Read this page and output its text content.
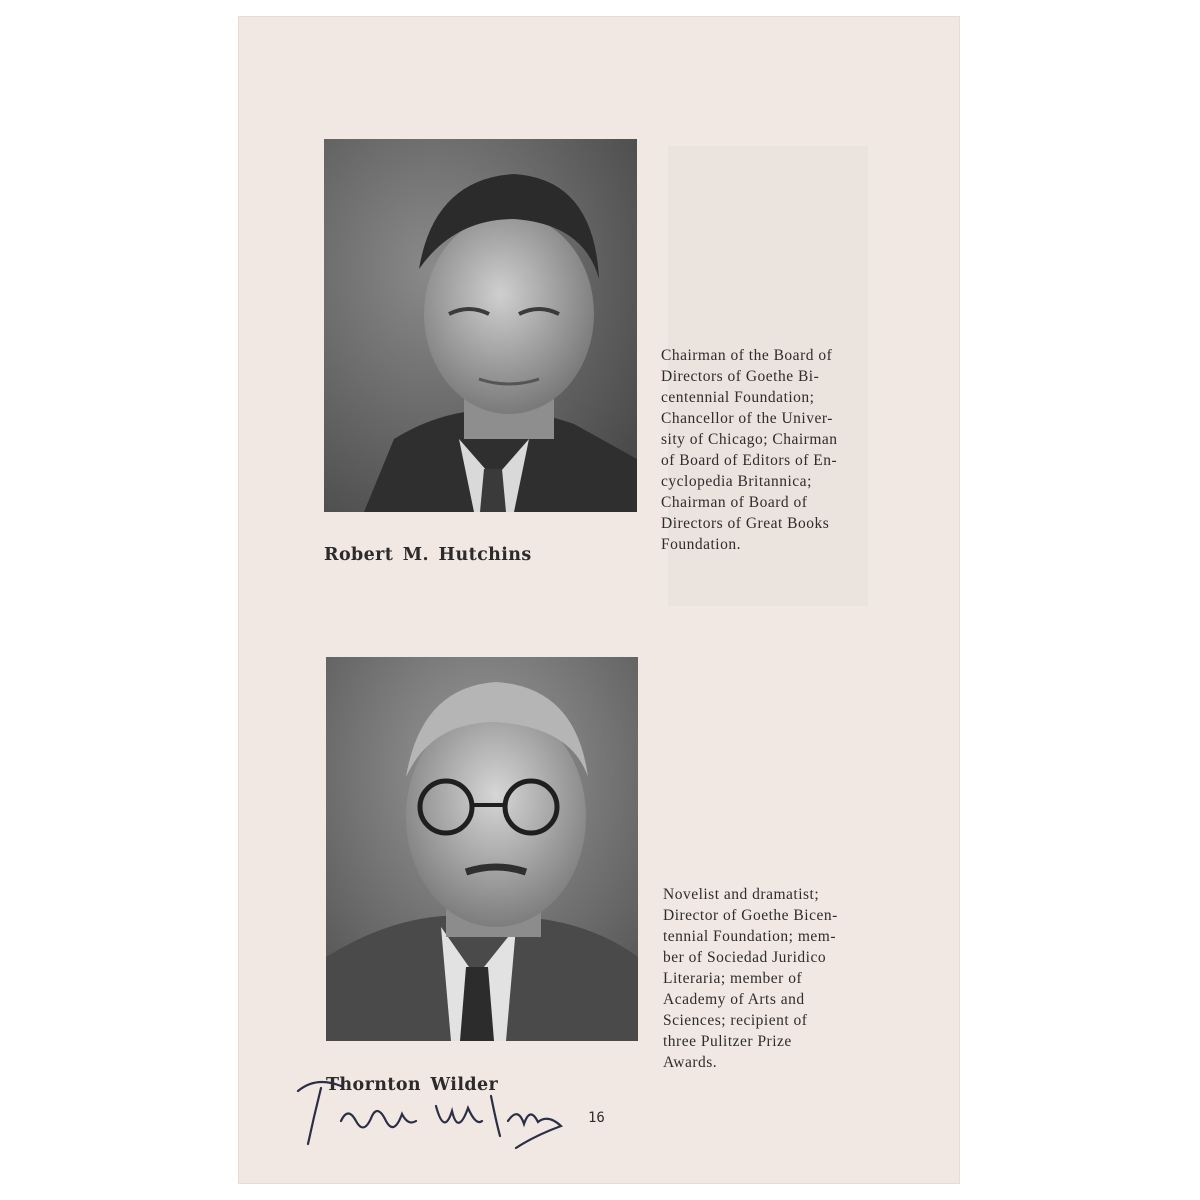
Robert M. Hutchins
Chairman of the Board of
Directors of Goethe Bi-
centennial Foundation;
Chancellor of the Univer-
sity of Chicago; Chairman
of Board of Editors of En-
cyclopedia Britannica;
Chairman of Board of
Directors of Great Books
Foundation.
Thornton Wilder
Novelist and dramatist;
Director of Goethe Bicen-
tennial Foundation; mem-
ber of Sociedad Juridico
Literaria; member of
Academy of Arts and
Sciences; recipient of
three Pulitzer Prize
Awards.
16
